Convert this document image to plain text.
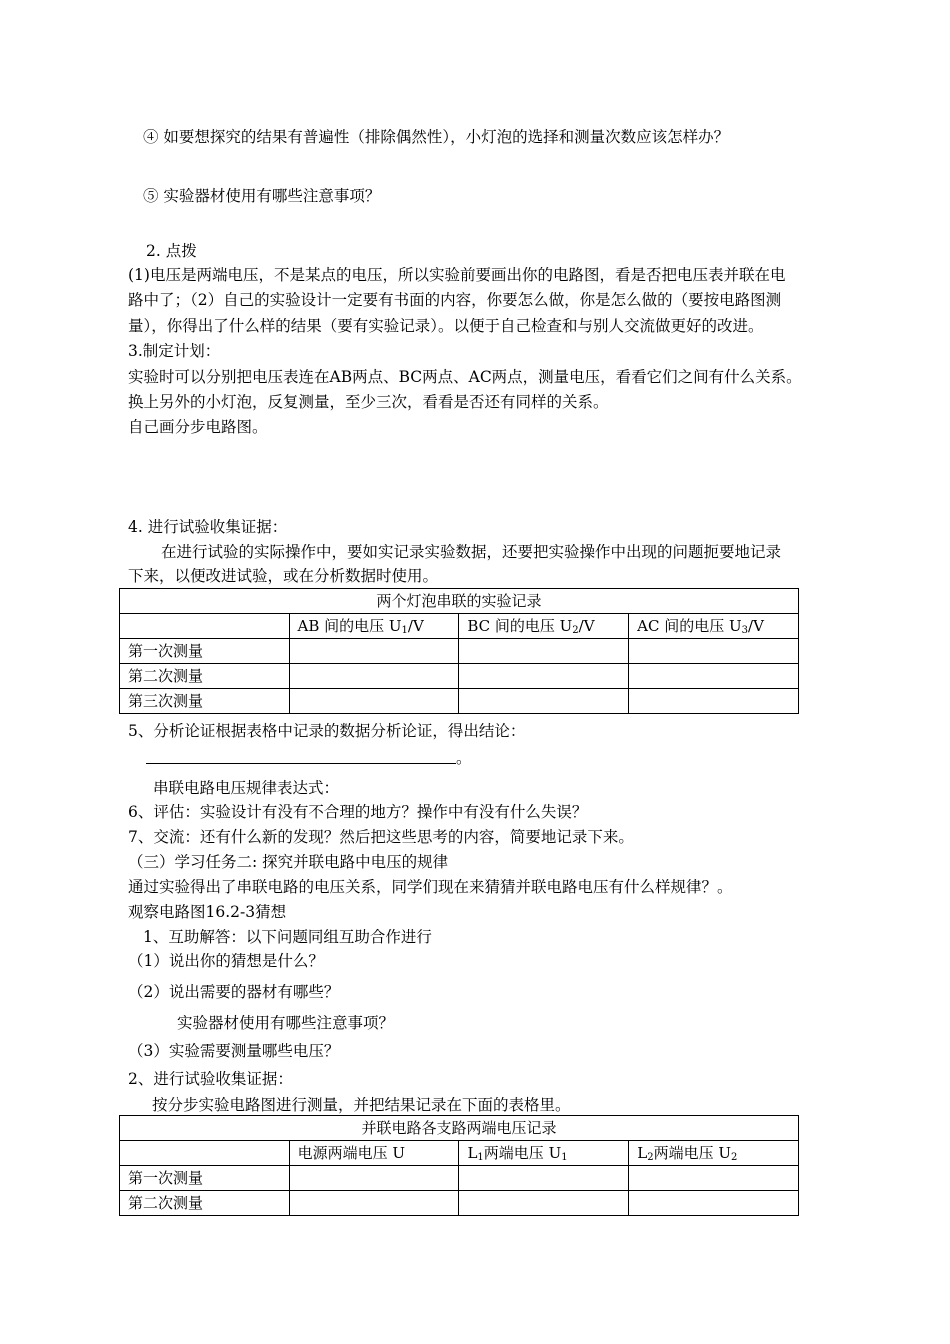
④ 如要想探究的结果有普遍性（排除偶然性），小灯泡的选择和测量次数应该怎样办？
⑤ 实验器材使用有哪些注意事项？
2. 点拨
(1)电压是两端电压，不是某点的电压，所以实验前要画出你的电路图，看是否把电压表并联在电
路中了；（2）自己的实验设计一定要有书面的内容，你要怎么做，你是怎么做的（要按电路图测
量），你得出了什么样的结果（要有实验记录）。以便于自己检查和与别人交流做更好的改进。
3.制定计划：
实验时可以分别把电压表连在AB两点、BC两点、AC两点，测量电压，看看它们之间有什么关系。
换上另外的小灯泡，反复测量，至少三次，看看是否还有同样的关系。
自己画分步电路图。
4. 进行试验收集证据：
在进行试验的实际操作中，要如实记录实验数据，还要把实验操作中出现的问题扼要地记录
下来，以便改进试验，或在分析数据时使用。
两个灯泡串联的实验记录			
	AB 间的电压 $U_1/V$	BC 间的电压 $U_2/V$	AC 间的电压 $U_3/V$
第一次测量			
第二次测量			
第三次测量			
5、分析论证根据表格中记录的数据分析论证，得出结论：
。
串联电路电压规律表达式：
6、评估：实验设计有没有不合理的地方？操作中有没有什么失误？
7、交流：还有什么新的发现？然后把这些思考的内容，简要地记录下来。
（三）学习任务二: 探究并联电路中电压的规律
通过实验得出了串联电路的电压关系，同学们现在来猜猜并联电路电压有什么样规律？。
观察电路图16.2-3猜想
1、互助解答：以下问题同组互助合作进行
（1）说出你的猜想是什么？
（2）说出需要的器材有哪些？
实验器材使用有哪些注意事项？
（3）实验需要测量哪些电压？
2、进行试验收集证据：
按分步实验电路图进行测量，并把结果记录在下面的表格里。
并联电路各支路两端电压记录			
	电源两端电压 U	$L_1$两端电压 $U_1$	$L_2$两端电压 $U_2$
第一次测量			
第二次测量			
